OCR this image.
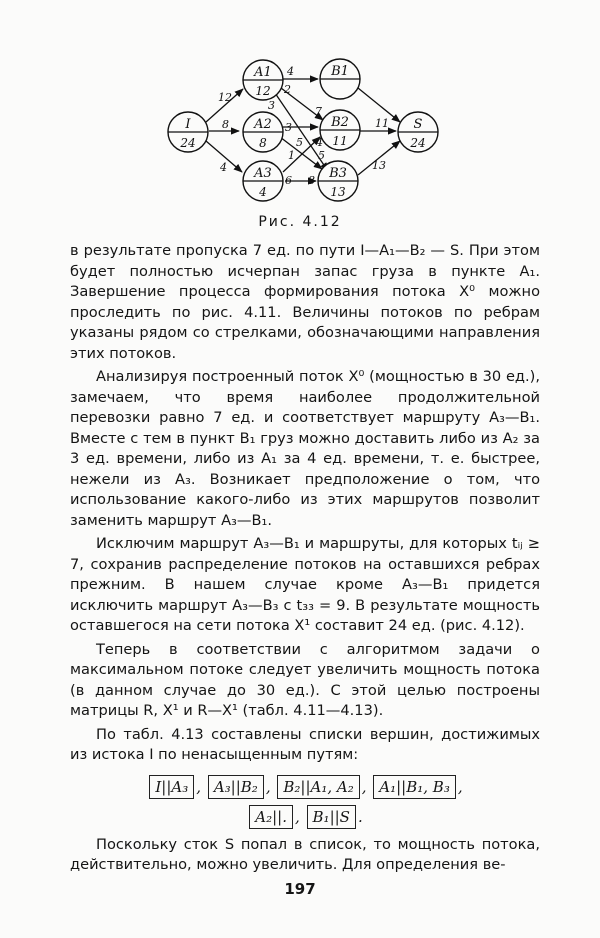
I
24
A1
12
A2
8
A3
4
B1
B2
11
B3
13
S
24
12
8
4
4
2
3	7
3
5
1
4
6 8
5
11
13
Рис. 4.12

в результате пропуска 7 ед. по пути I—A₁—B₂ — S. При этом будет полностью исчерпан запас груза в пункте A₁. Завершение процесса формирования потока X⁰ можно проследить по рис. 4.11. Величины потоков по ребрам указаны рядом со стрелками, обозначающими направления этих потоков.

Анализируя построенный поток X⁰ (мощностью в 30 ед.), замечаем, что время наиболее продолжительной перевозки равно 7 ед. и соответствует маршруту A₃—B₁. Вместе с тем в пункт B₁ груз можно доставить либо из A₂ за 3 ед. времени, либо из A₁ за 4 ед. времени, т. е. быстрее, нежели из A₃. Возникает предположение о том, что использование какого-либо из этих маршрутов позволит заменить маршрут A₃—B₁.

Исключим маршрут A₃—B₁ и маршруты, для которых tᵢⱼ ≥ 7, сохранив распределение потоков на оставшихся ребрах прежним. В нашем случае кроме A₃—B₁ придется исключить маршрут A₃—B₃ с t₃₃ = 9. В результате мощность оставшегося на сети потока X¹ составит 24 ед. (рис. 4.12).

Теперь в соответствии с алгоритмом задачи о максимальном потоке следует увеличить мощность потока (в данном случае до 30 ед.). С этой целью построены матрицы R, X¹ и R—X¹ (табл. 4.11—4.13).

По табл. 4.13 составлены списки вершин, достижимых из истока I по ненасыщенным путям:

I||A₃ , A₃||B₂ , B₂||A₁, A₂ , A₁||B₁, B₃ ,
A₂||. , B₁||S .

Поскольку сток S попал в список, то мощность потока, действительно, можно увеличить. Для определения ве-

197
